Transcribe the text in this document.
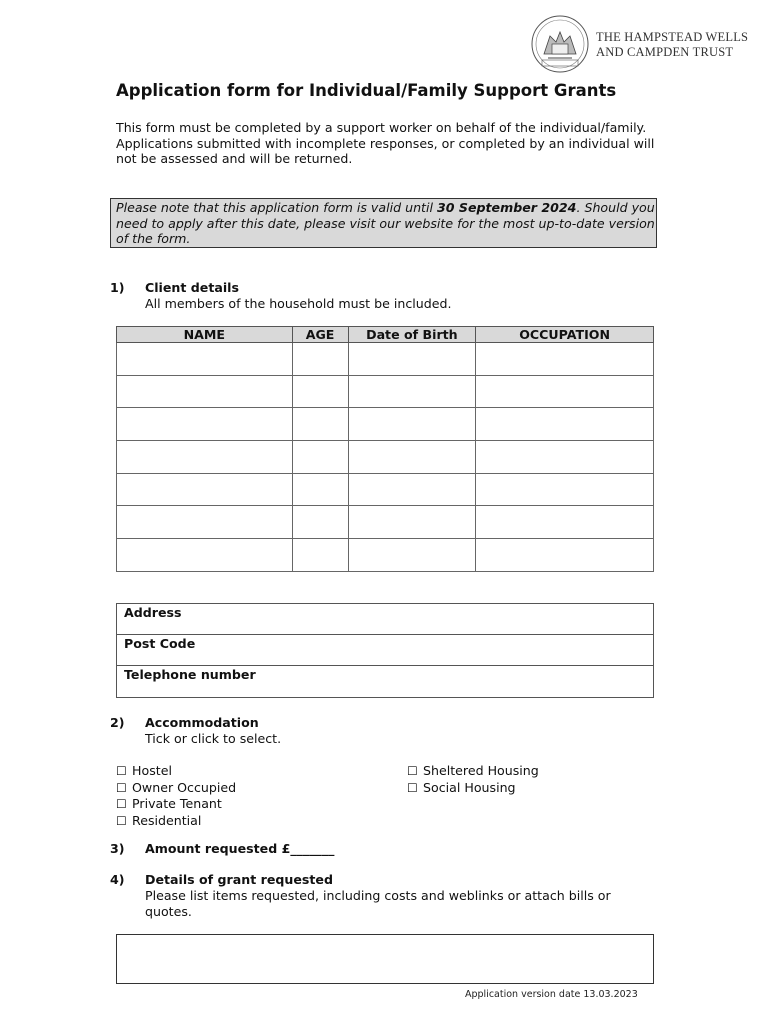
THE HAMPSTEAD WELLS
AND CAMPDEN TRUST
Application form for Individual/Family Support Grants
This form must be completed by a support worker on behalf of the individual/family.
Applications submitted with incomplete responses, or completed by an individual will not be assessed and will be returned.
Please note that this application form is valid until 30 September 2024. Should you need to apply after this date, please visit our website for the most up-to-date version of the form.
1) Client details
All members of the household must be included.
NAME	AGE	Date of Birth	OCCUPATION

Address
Post Code
Telephone number
2) Accommodation
Tick or click to select.
☐ Hostel
☐ Owner Occupied
☐ Private Tenant
☐ Residential
☐ Sheltered Housing
☐ Social Housing
3) Amount requested £_______
4) Details of grant requested
Please list items requested, including costs and weblinks or attach bills or quotes.
Application version date 13.03.2023
